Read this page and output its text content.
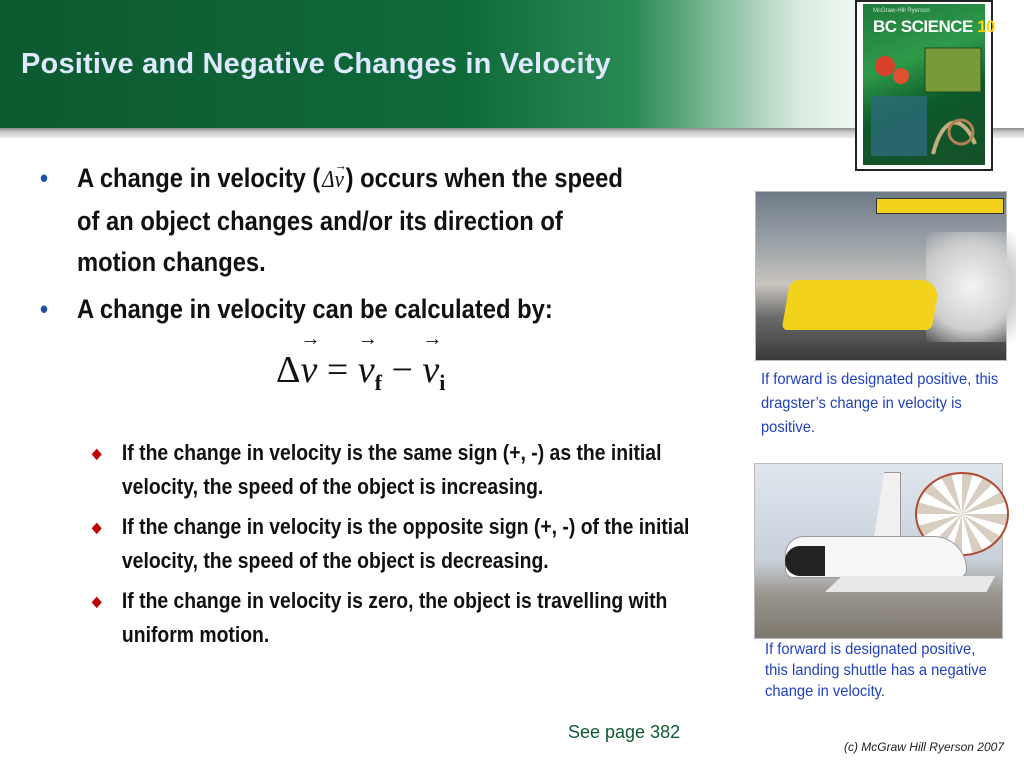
Positive and Negative Changes in Velocity
McGraw-Hill Ryerson
BC SCIENCE 10
• A change in velocity (Δ→ v) occurs when the speed of an object changes and/or its direction of motion changes.
• A change in velocity can be calculated by:
Δ→ v = → $v_f$ − → $v_i$
◆ If the change in velocity is the same sign (+, -) as the initial velocity, the speed of the object is increasing.
◆ If the change in velocity is the opposite sign (+, -) of the initial velocity, the speed of the object is decreasing.
◆ If the change in velocity is zero, the object is travelling with uniform motion.
If forward is designated positive, this dragster’s change in velocity is positive.
If forward is designated positive, this landing shuttle has a negative change in velocity.
See page 382
(c) McGraw Hill Ryerson 2007
